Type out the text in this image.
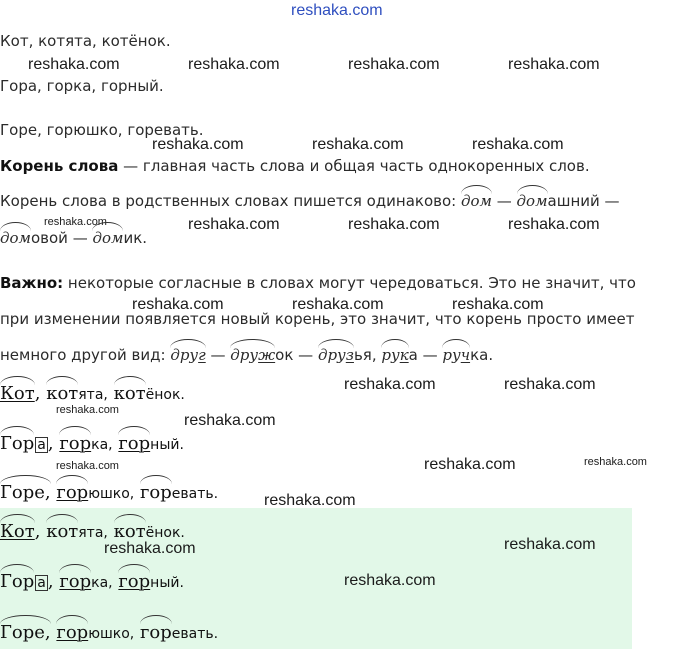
reshaka.com
reshaka.com	reshaka.com	reshaka.com	reshaka.com
reshaka.com	reshaka.com	reshaka.com
reshaka.com	reshaka.com	reshaka.com	reshaka.com
reshaka.com	reshaka.com	reshaka.com
reshaka.com	reshaka.com
reshaka.com
reshaka.com
reshaka.com	reshaka.com	reshaka.com
reshaka.com
reshaka.com	reshaka.com
reshaka.com
Кот, котята, котёнок.
Гора, горка, горный.
Горе, горюшко, горевать.
Корень слова — главная часть слова и общая часть однокоренных слов.
Корень слова в родственных словах пишется одинаково: дом — домашний —
домовой — домик.
Важно: некоторые согласные в словах могут чередоваться. Это не значит, что
при изменении появляется новый корень, это значит, что корень просто имеет
немного другой вид: друг — дружок — друзья, рука — ручка.
Кот, котята, котёнок.
Гор а , горка, горный.
Горе, горюшко, горевать.
Кот, котята, котёнок.
Гор а , горка, горный.
Горе, горюшко, горевать.
